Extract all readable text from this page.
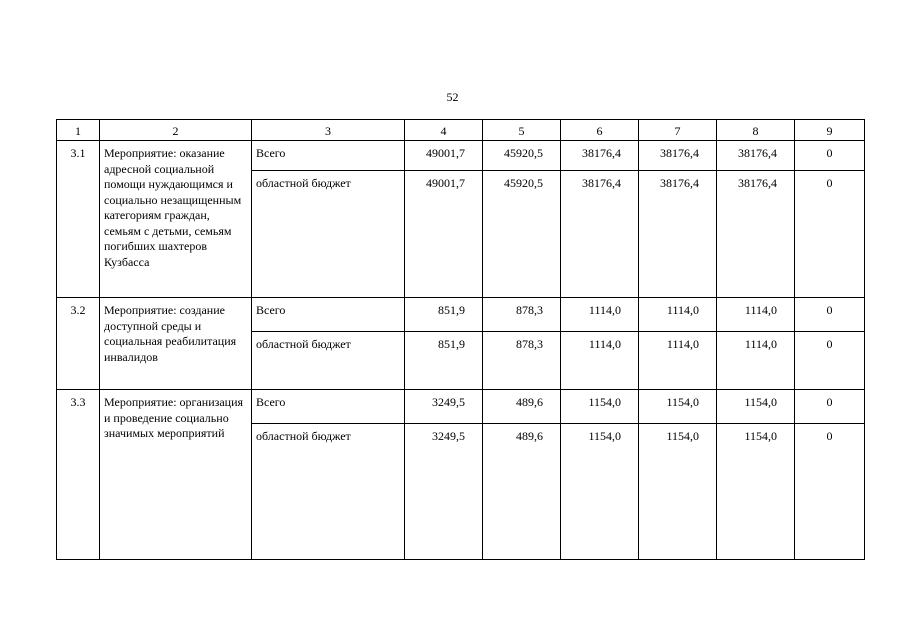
52
1	2	3	4	5	6	7	8	9
3.1	Мероприятие: оказание адресной социальной помощи нуждающимся и социально незащищенным категориям граждан, семьям с детьми, семьям погибших шахтеров Кузбасса	Всего	49001,7	45920,5	38176,4	38176,4	38176,4	0
		областной бюджет	49001,7	45920,5	38176,4	38176,4	38176,4	0
3.2	Мероприятие: создание доступной среды и социальная реабилитация инвалидов	Всего	851,9	878,3	1114,0	1114,0	1114,0	0
		областной бюджет	851,9	878,3	1114,0	1114,0	1114,0	0
3.3	Мероприятие: организация и проведение социально значимых мероприятий	Всего	3249,5	489,6	1154,0	1154,0	1154,0	0
		областной бюджет	3249,5	489,6	1154,0	1154,0	1154,0	0
